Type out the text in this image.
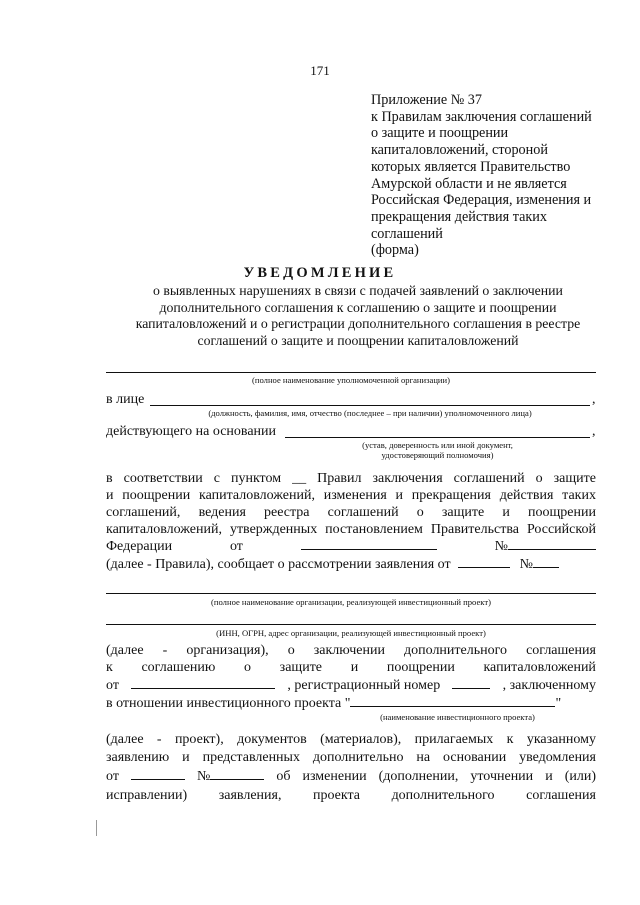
171
Приложение № 37
к Правилам заключения соглашений
о защите и поощрении
капиталовложений, стороной
которых является Правительство
Амурской области и не является
Российская Федерация, изменения и
прекращения действия таких
соглашений
(форма)
УВЕДОМЛЕНИЕ
о выявленных нарушениях в связи с подачей заявлений о заключении
дополнительного соглашения к соглашению о защите и поощрении
капиталовложений и о регистрации дополнительного соглашения в реестре
соглашений о защите и поощрении капиталовложений
(полное наименование уполномоченной организации)
в лице	,
(должность, фамилия, имя, отчество (последнее – при наличии) уполномоченного лица)
действующего на основании	,
(устав, доверенность или иной документ,
удостоверяющий полномочия)
в соответствии с пунктом __ Правил заключения соглашений о защите
и поощрении капиталовложений, изменения и прекращения действия таких
соглашений, ведения реестра соглашений о защите и поощрении
капиталовложений, утвержденных постановлением Правительства Российской
Федерации	от	№
(далее - Правила), сообщает о рассмотрении заявления от	№
(полное наименование организации, реализующей инвестиционный проект)
(ИНН, ОГРН, адрес организации, реализующей инвестиционный проект)
(далее - организация), о заключении дополнительного соглашения
к соглашению о защите и поощрении капиталовложений
от	, регистрационный номер	, заключенному
в отношении инвестиционного проекта "	"
(наименование инвестиционного проекта)
(далее - проект), документов (материалов), прилагаемых к указанному
заявлению и представленных дополнительно на основании уведомления
от	№	об изменении (дополнении, уточнении и (или)
исправлении) заявления, проекта дополнительного соглашения
